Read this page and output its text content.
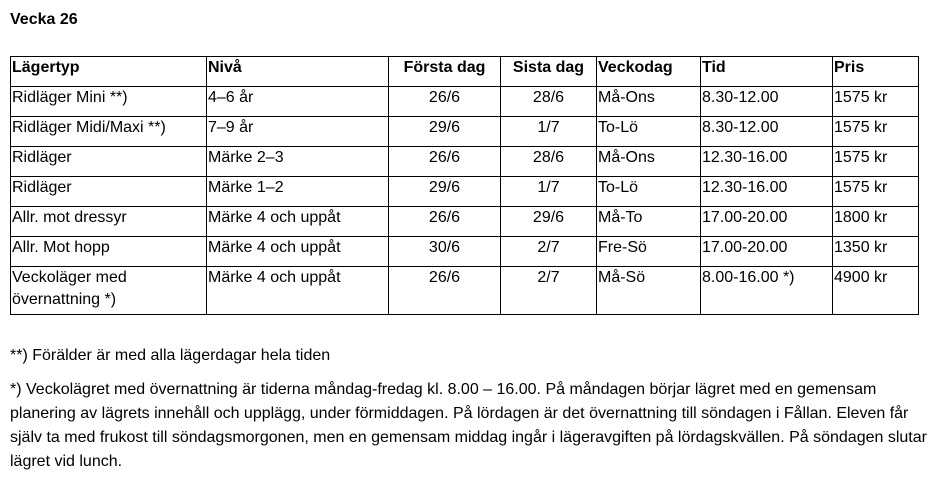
Vecka 26
Lägertyp	Nivå	Första dag	Sista dag	Veckodag	Tid	Pris
Ridläger Mini **)	4–6 år	26/6	28/6	Må-Ons	8.30-12.00	1575 kr
Ridläger Midi/Maxi **)	7–9 år	29/6	1/7	To-Lö	8.30-12.00	1575 kr
Ridläger	Märke 2–3	26/6	28/6	Må-Ons	12.30-16.00	1575 kr
Ridläger	Märke 1–2	29/6	1/7	To-Lö	12.30-16.00	1575 kr
Allr. mot dressyr	Märke 4 och uppåt	26/6	29/6	Må-To	17.00-20.00	1800 kr
Allr. Mot hopp	Märke 4 och uppåt	30/6	2/7	Fre-Sö	17.00-20.00	1350 kr
Veckoläger med övernattning *)	Märke 4 och uppåt	26/6	2/7	Må-Sö	8.00-16.00 *)	4900 kr
**) Förälder är med alla lägerdagar hela tiden
*) Veckolägret med övernattning är tiderna måndag-fredag kl. 8.00 – 16.00. På måndagen börjar lägret med en gemensam planering av lägrets innehåll och upplägg, under förmiddagen. På lördagen är det övernattning till söndagen i Fållan. Eleven får själv ta med frukost till söndagsmorgonen, men en gemensam middag ingår i lägeravgiften på lördagskvällen. På söndagen slutar lägret vid lunch.
